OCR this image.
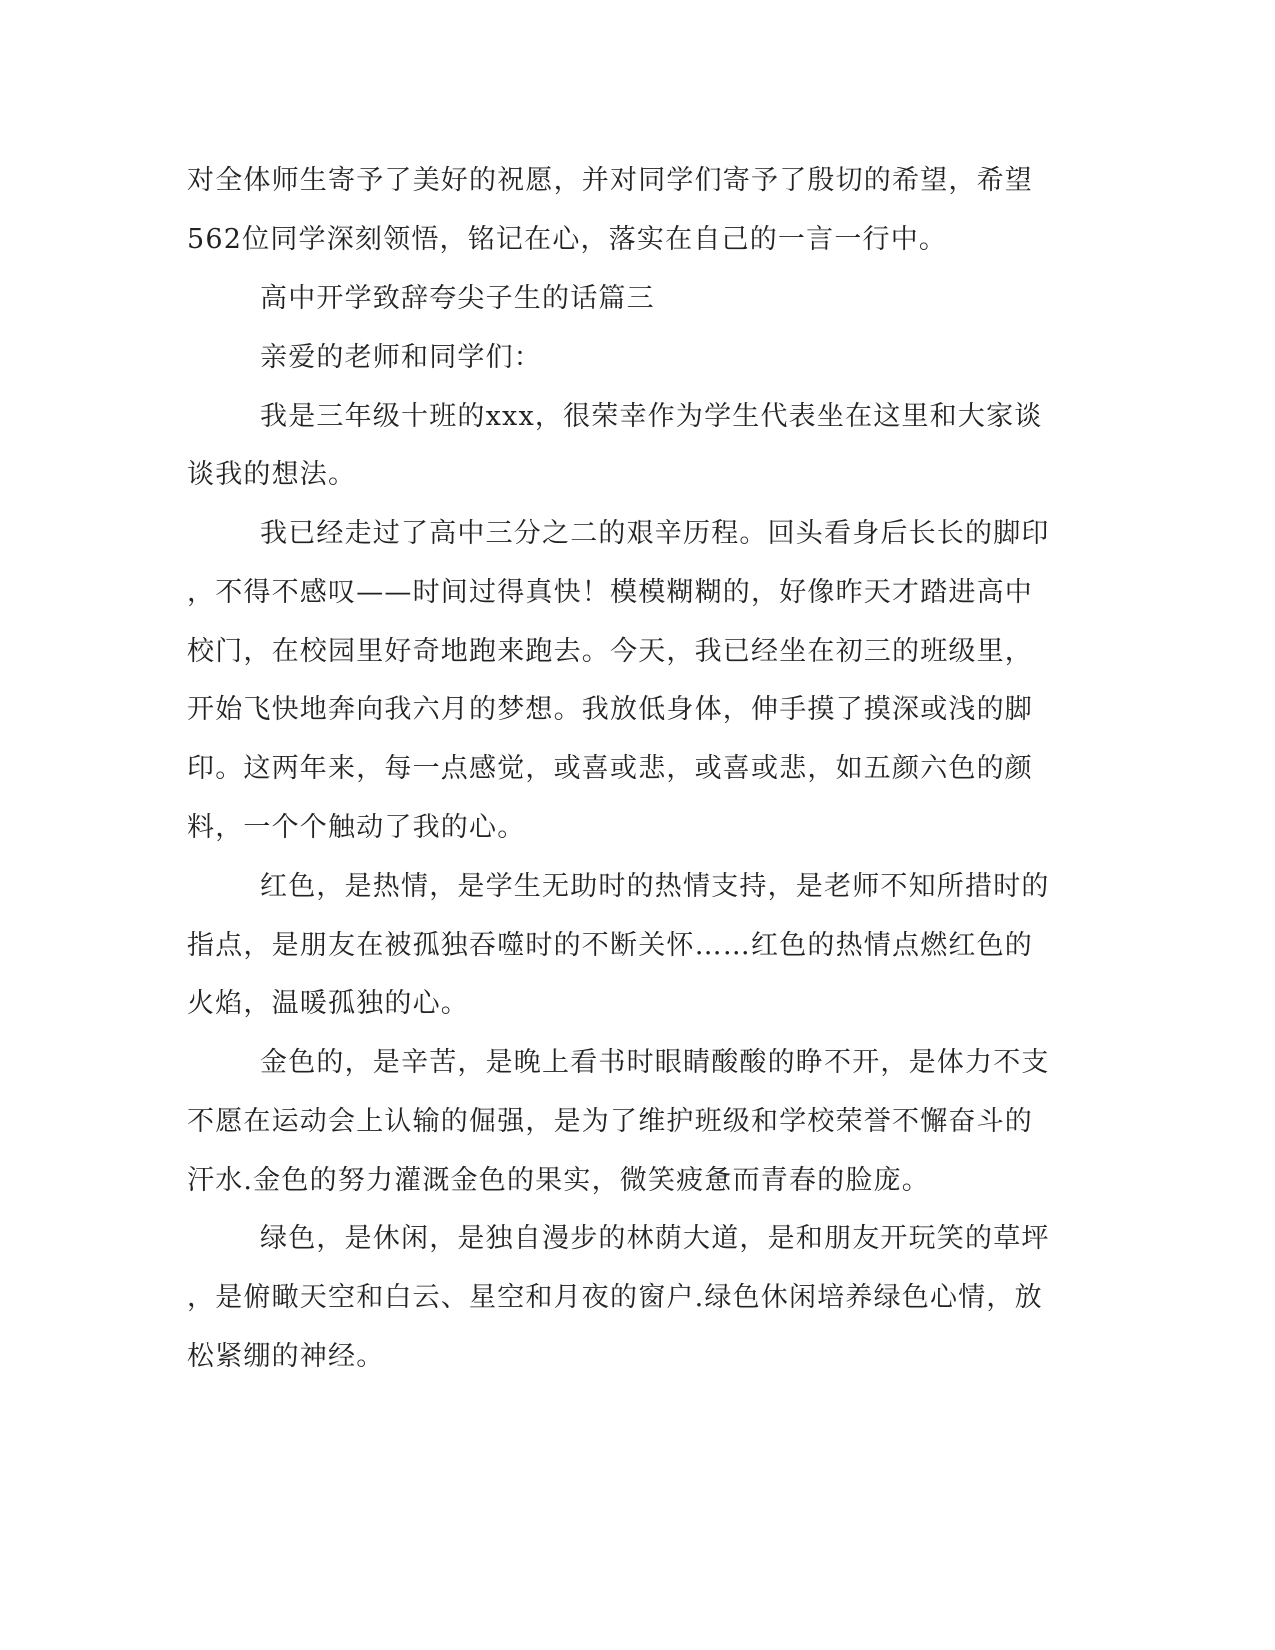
对全体师生寄予了美好的祝愿，并对同学们寄予了殷切的希望，希望
562位同学深刻领悟，铭记在心，落实在自己的一言一行中。
高中开学致辞夸尖子生的话篇三
亲爱的老师和同学们：
我是三年级十班的xxx，很荣幸作为学生代表坐在这里和大家谈
谈我的想法。
我已经走过了高中三分之二的艰辛历程。回头看身后长长的脚印
，不得不感叹——时间过得真快！模模糊糊的，好像昨天才踏进高中
校门，在校园里好奇地跑来跑去。今天，我已经坐在初三的班级里，
开始飞快地奔向我六月的梦想。我放低身体，伸手摸了摸深或浅的脚
印。这两年来，每一点感觉，或喜或悲，或喜或悲，如五颜六色的颜
料，一个个触动了我的心。
红色，是热情，是学生无助时的热情支持，是老师不知所措时的
指点，是朋友在被孤独吞噬时的不断关怀……红色的热情点燃红色的
火焰，温暖孤独的心。
金色的，是辛苦，是晚上看书时眼睛酸酸的睁不开，是体力不支
不愿在运动会上认输的倔强，是为了维护班级和学校荣誉不懈奋斗的
汗水.金色的努力灌溉金色的果实，微笑疲惫而青春的脸庞。
绿色，是休闲，是独自漫步的林荫大道，是和朋友开玩笑的草坪
，是俯瞰天空和白云、星空和月夜的窗户.绿色休闲培养绿色心情，放
松紧绷的神经。
